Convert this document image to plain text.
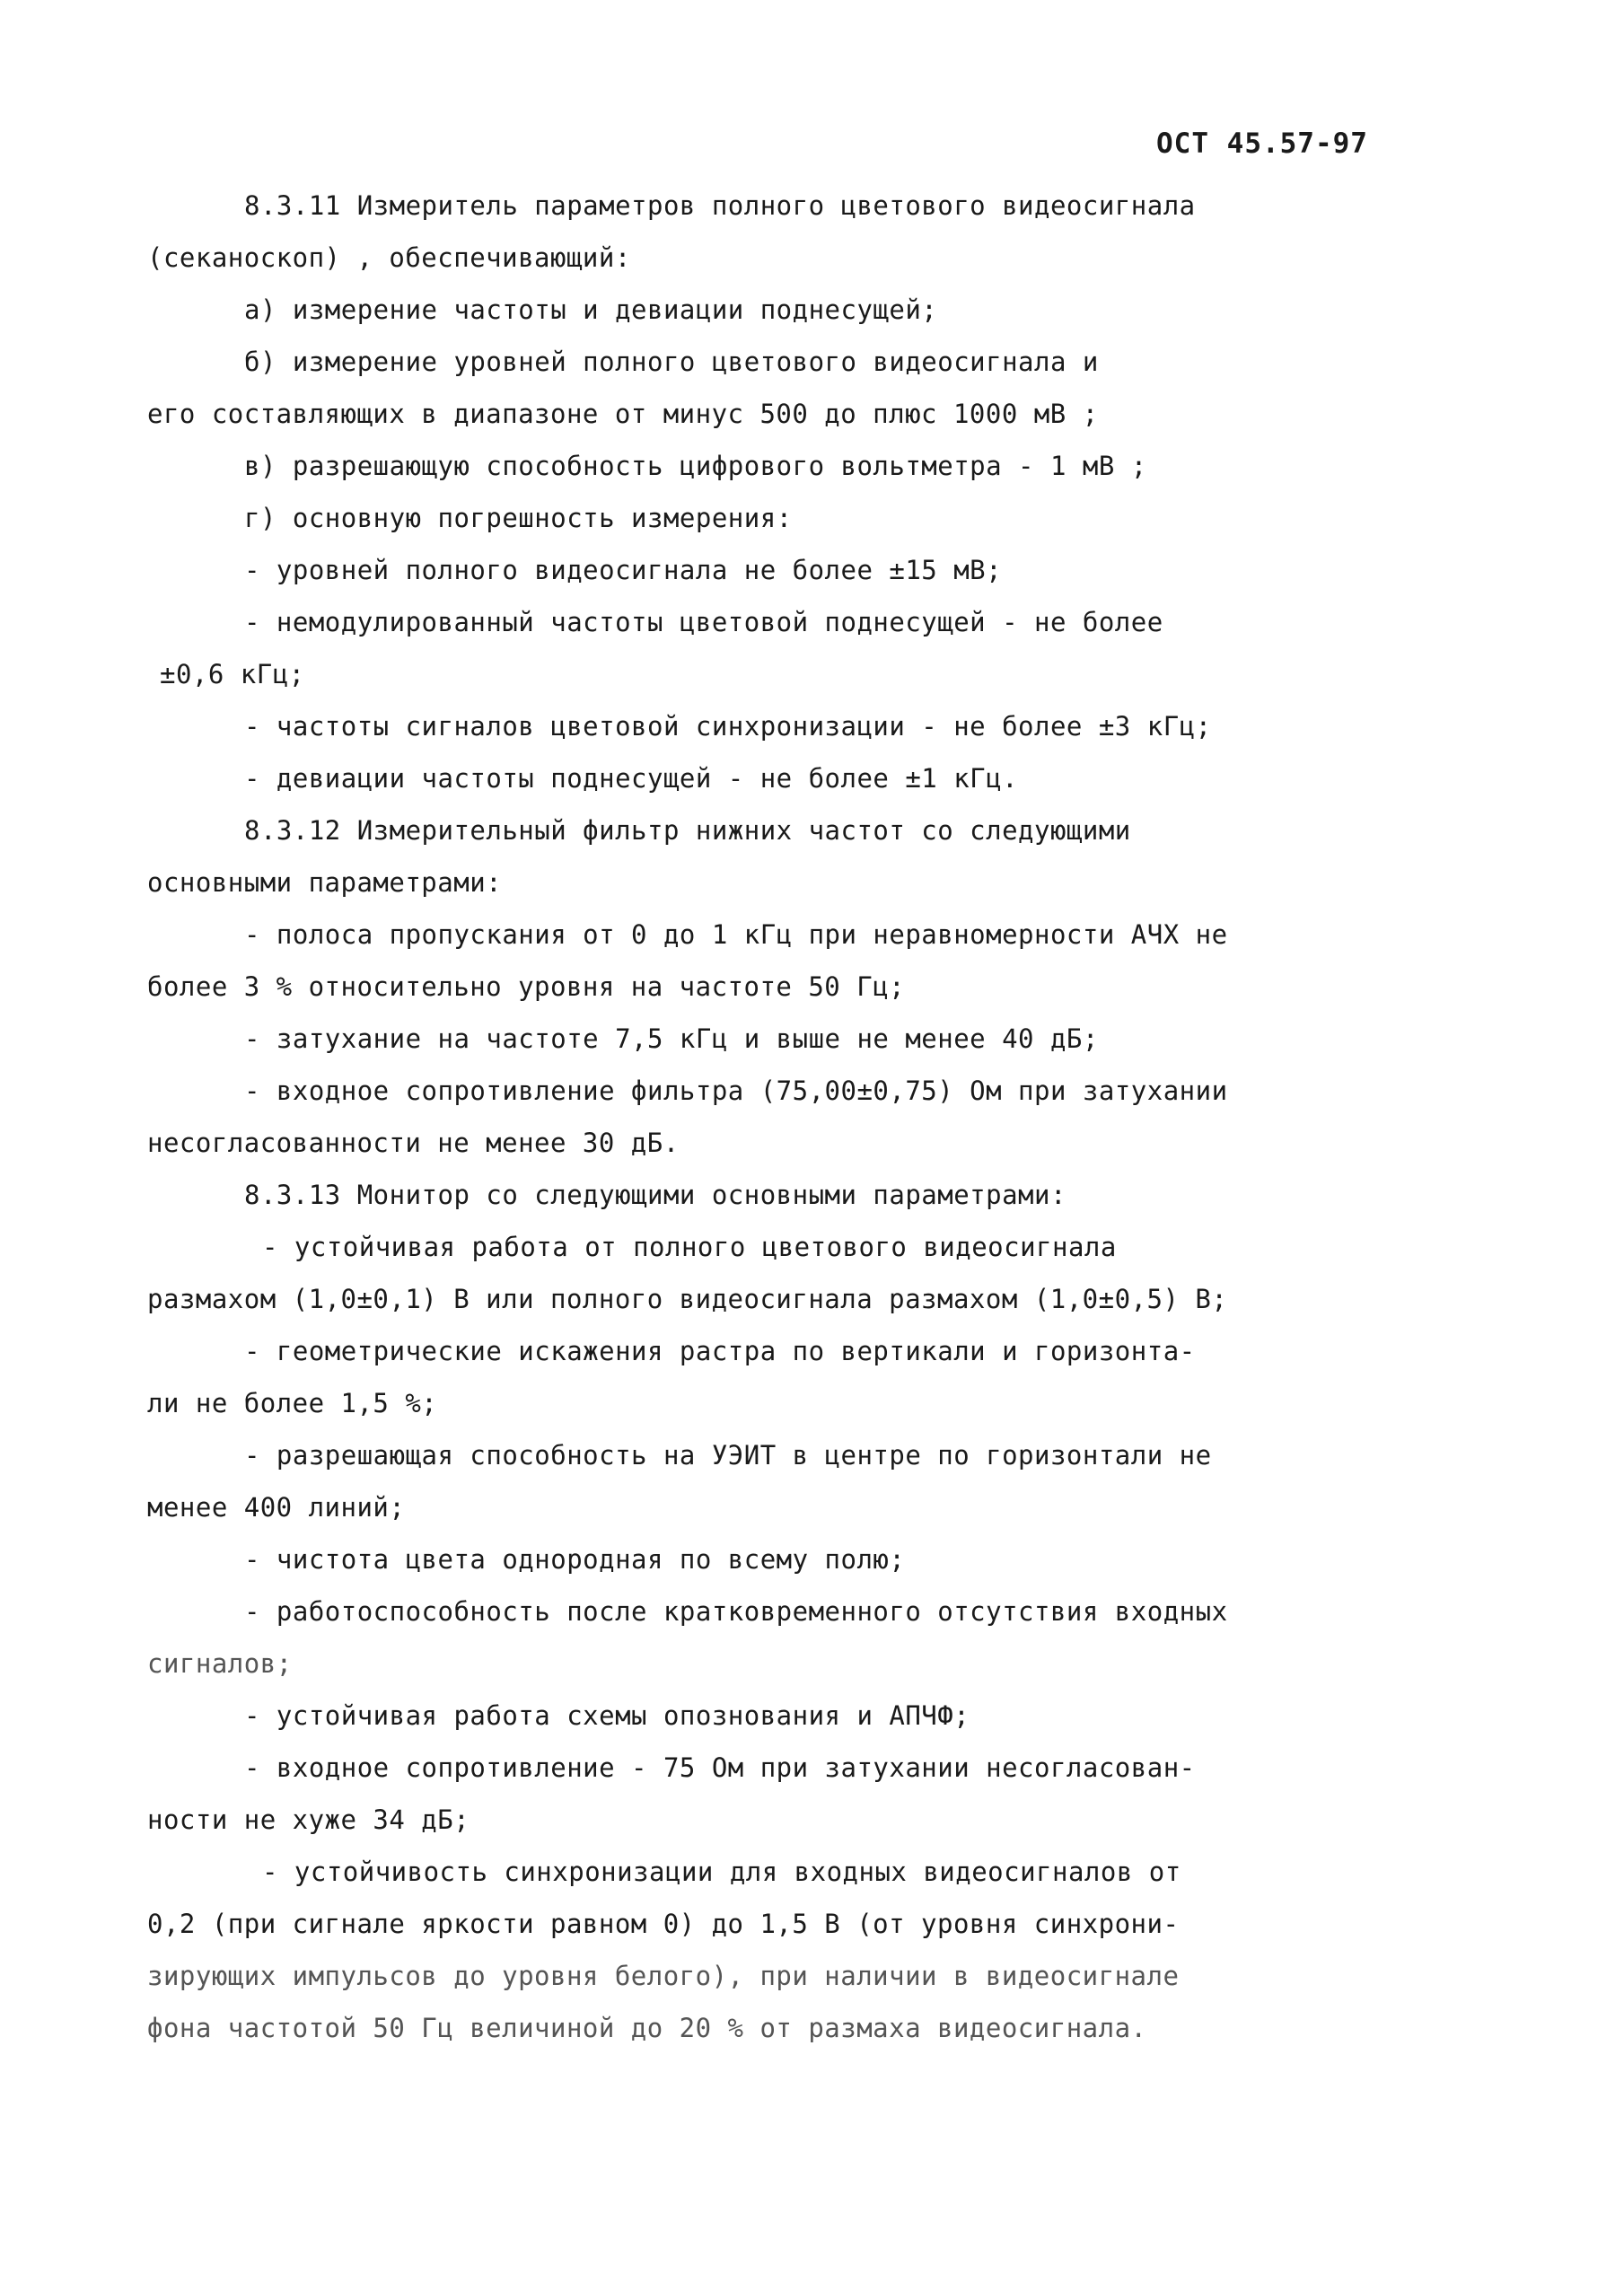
ОСТ 45.57-97
8.3.11 Измеритель параметров полного цветового видеосигнала
(секаноскоп) , обеспечивающий:
а) измерение частоты и девиации поднесущей;
б) измерение уровней полного цветового видеосигнала и
его составляющих в диапазоне от минус 500 до плюс 1000 мВ ;
в) разрешающую способность цифрового вольтметра - 1 мВ ;
г) основную погрешность измерения:
- уровней полного видеосигнала не более ±15 мВ;
- немодулированный частоты цветовой поднесущей - не более
±0,6 кГц;
- частоты сигналов цветовой синхронизации - не более ±3 кГц;
- девиации частоты поднесущей - не более ±1 кГц.
8.3.12 Измерительный фильтр нижних частот со следующими
основными параметрами:
- полоса пропускания от 0 до 1 кГц при неравномерности АЧХ не
более 3 % относительно уровня на частоте 50 Гц;
- затухание на частоте 7,5 кГц и выше не менее 40 дБ;
- входное сопротивление фильтра (75,00±0,75) Ом при затухании
несогласованности не менее 30 дБ.
8.3.13 Монитор со следующими основными параметрами:
- устойчивая работа от полного цветового видеосигнала
размахом (1,0±0,1) В или полного видеосигнала размахом (1,0±0,5) В;
- геометрические искажения растра по вертикали и горизонта-
ли не более 1,5 %;
- разрешающая способность на УЭИТ в центре по горизонтали не
менее 400 линий;
- чистота цвета однородная по всему полю;
- работоспособность после кратковременного отсутствия входных
сигналов;
- устойчивая работа схемы опознования и АПЧФ;
- входное сопротивление - 75 Ом при затухании несогласован-
ности не хуже 34 дБ;
- устойчивость синхронизации для входных видеосигналов от
0,2 (при сигнале яркости равном 0) до 1,5 В (от уровня синхрони-
зирующих импульсов до уровня белого), при наличии в видеосигнале
фона частотой 50 Гц величиной до 20 % от размаха видеосигнала.
